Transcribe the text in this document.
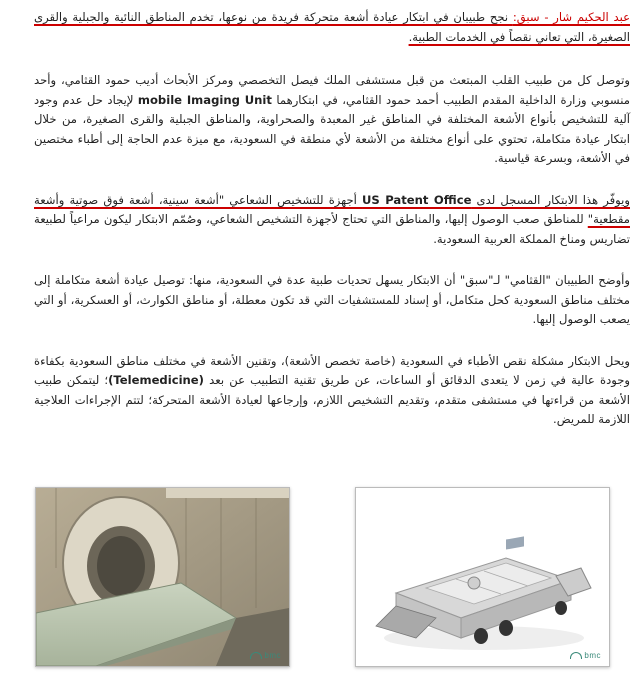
عبد الحكيم شار - سبق: نجح طبيبان في ابتكار عيادة أشعة متحركة فريدة من نوعها، تخدم المناطق النائية والجبلية والقرى الصغيرة، التي تعاني نقصاً في الخدمات الطبية.

وتوصل كل من طبيب القلب المبتعث من قبل مستشفى الملك فيصل التخصصي ومركز الأبحاث أديب حمود القثامي، وأحد منسوبي وزارة الداخلية المقدم الطبيب أحمد حمود القثامي، في ابتكارهما mobile Imaging Unit لإيجاد حل عدم وجود آلية للتشخيص بأنواع الأشعة المختلفة في المناطق غير المعبدة والصحراوية، والمناطق الجبلية والقرى الصغيرة، من خلال ابتكار عيادة متكاملة، تحتوي على أنواع مختلفة من الأشعة لأي منطقة في السعودية، مع ميزة عدم الحاجة إلى أطباء مختصين في الأشعة، وبسرعة قياسية.

ويوفّر هذا الابتكار المسجل لدى US Patent Office أجهزة للتشخيص الشعاعي "أشعة سينية، أشعة فوق صوتية وأشعة مقطعية" للمناطق صعب الوصول إليها، والمناطق التي تحتاج لأجهزة التشخيص الشعاعي، وصُمّم الابتكار ليكون مراعياً لطبيعة تضاريس ومناخ المملكة العربية السعودية.

وأوضح الطبيبان "القثامي" لـ"سبق" أن الابتكار يسهل تحديات طبية عدة في السعودية، منها: توصيل عيادة أشعة متكاملة إلى مختلف مناطق السعودية كحل متكامل، أو إسناد للمستشفيات التي قد تكون معطلة، أو مناطق الكوارث، أو العسكرية، أو التي يصعب الوصول إليها.

ويحل الابتكار مشكلة نقص الأطباء في السعودية (خاصة تخصص الأشعة)، وتقنين الأشعة في مختلف مناطق السعودية بكفاءة وجودة عالية في زمن لا يتعدى الدقائق أو الساعات، عن طريق تقنية التطبيب عن بعد (Telemedicine)؛ ليتمكن طبيب الأشعة من قراءتها في مستشفى متقدم، وتقديم التشخيص اللازم، وإرجاعها لعيادة الأشعة المتحركة؛ لتتم الإجراءات العلاجية اللازمة للمريض.

bmc
bmc
